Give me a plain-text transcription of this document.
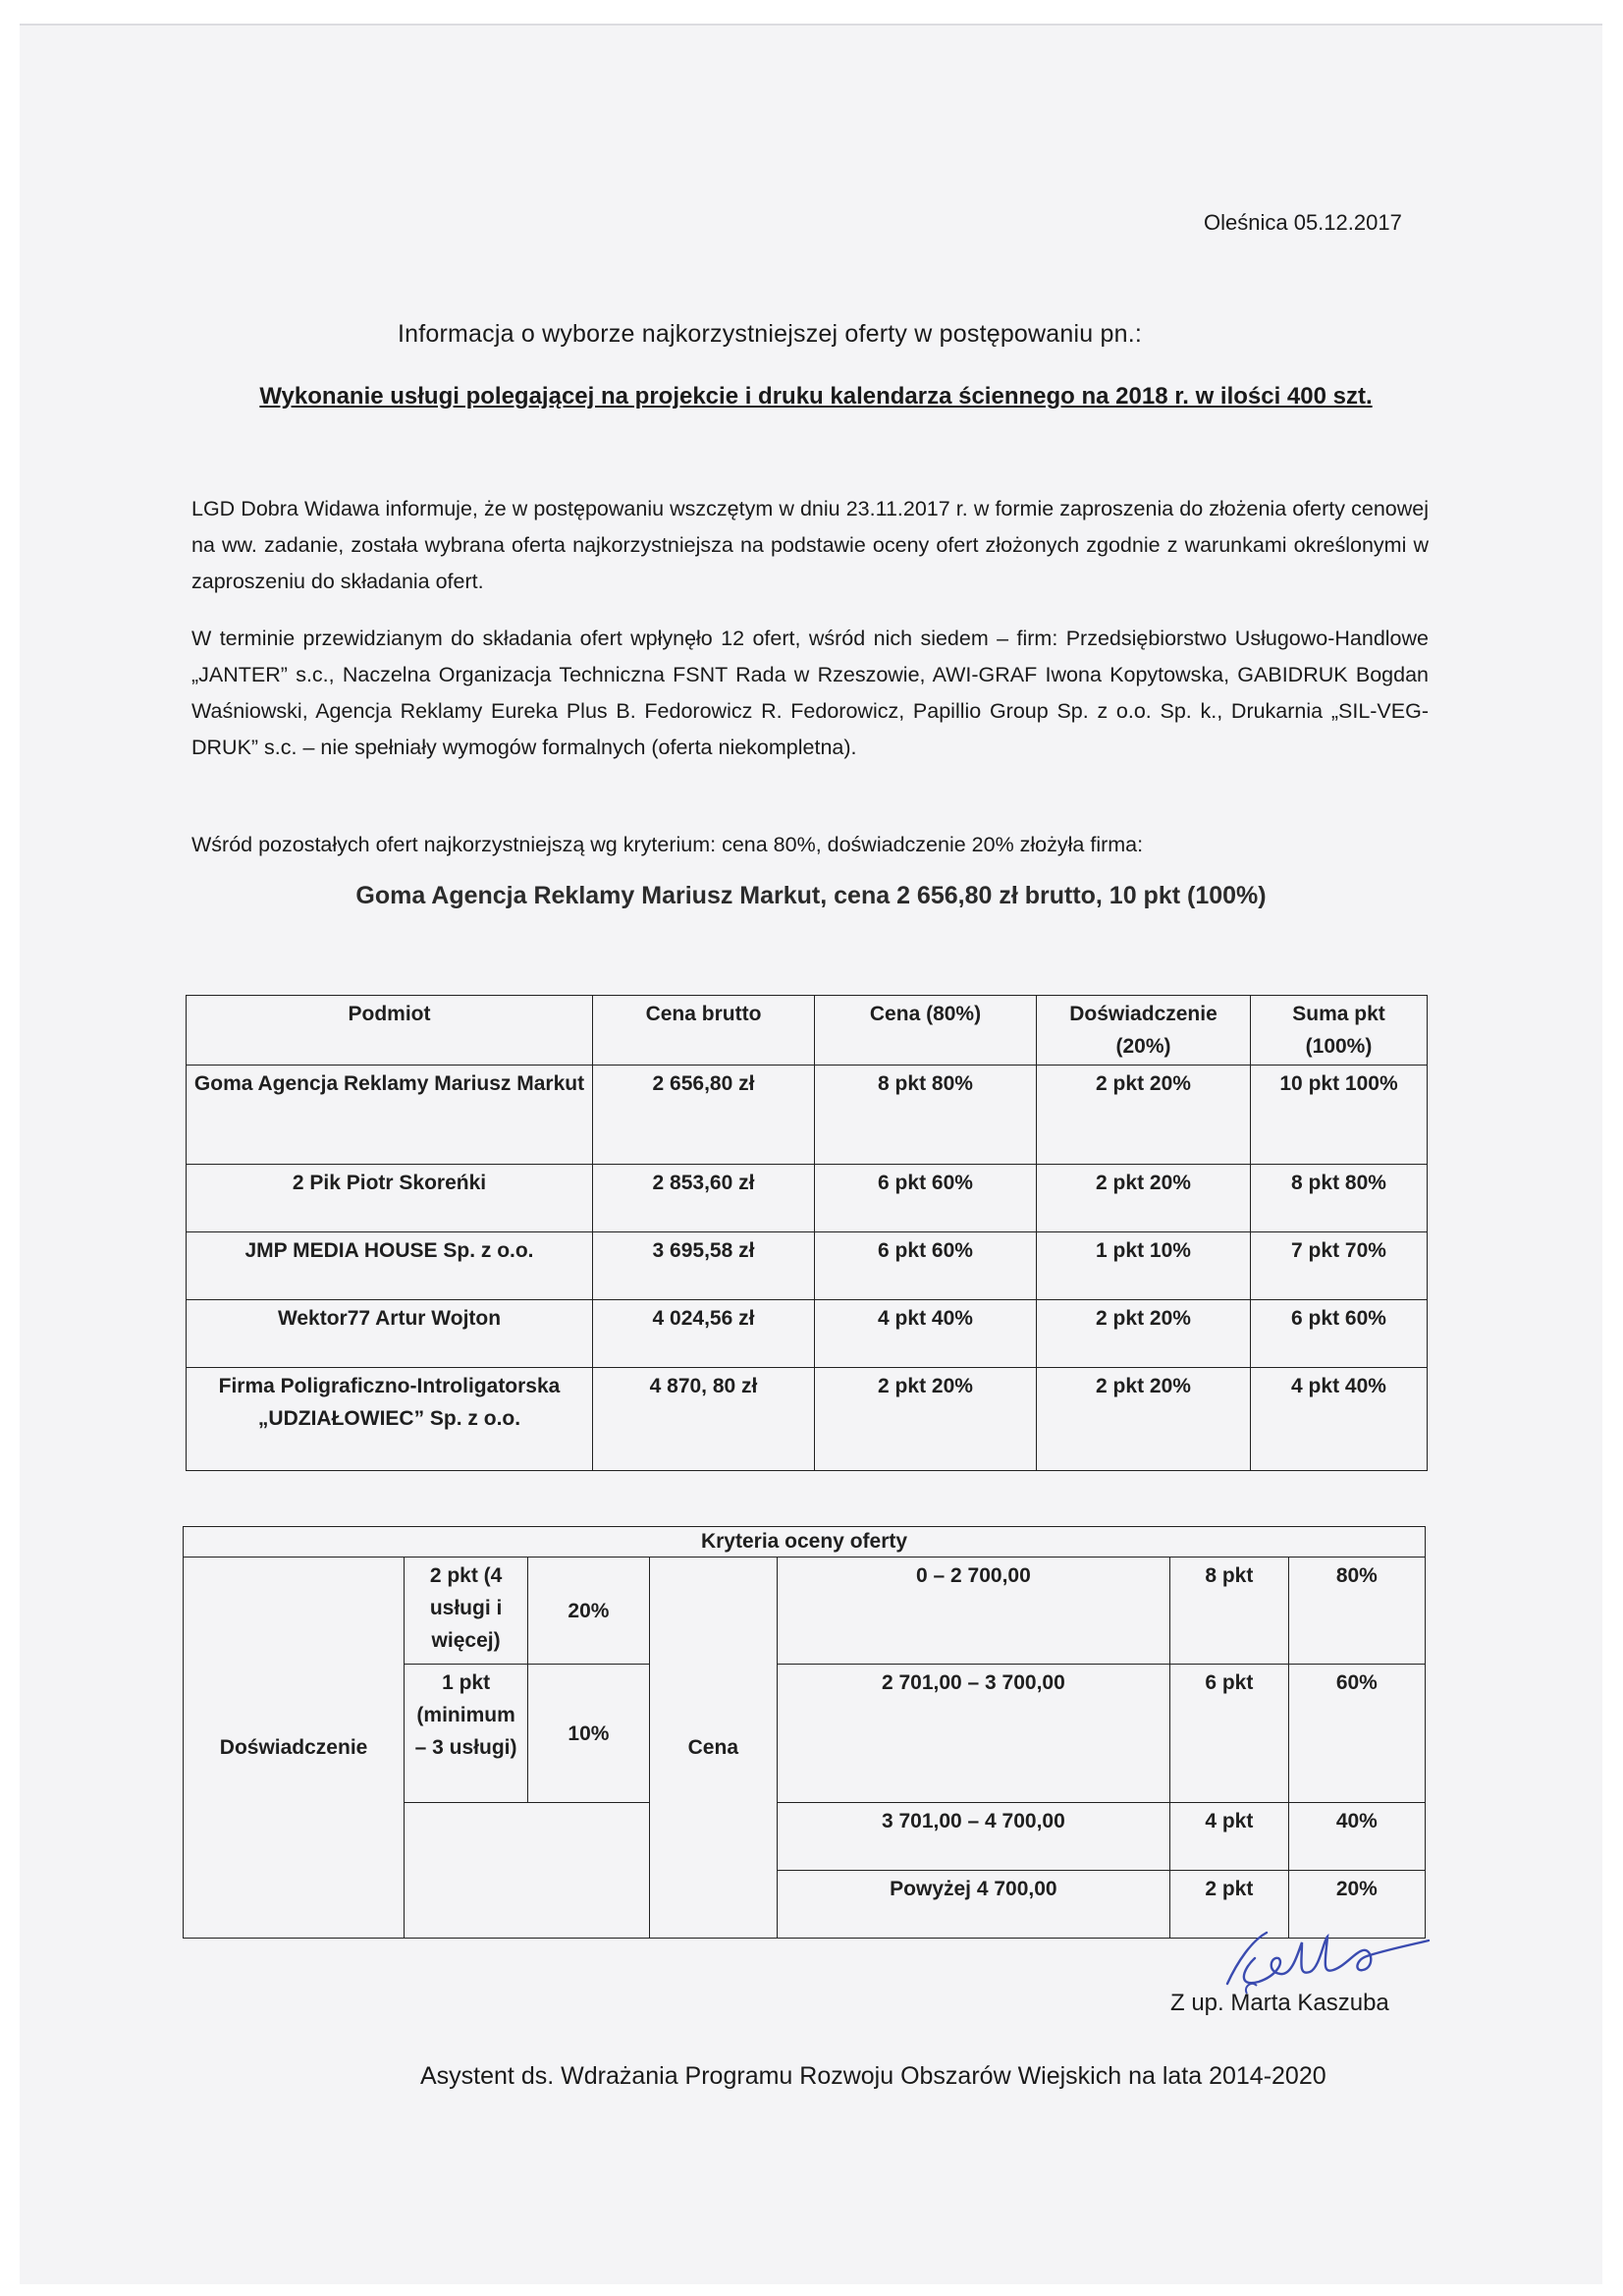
Oleśnica 05.12.2017
Informacja o wyborze najkorzystniejszej oferty w postępowaniu pn.:
Wykonanie usługi polegającej na projekcie i druku kalendarza ściennego na 2018 r. w ilości 400 szt.
LGD Dobra Widawa informuje, że w postępowaniu wszczętym w dniu 23.11.2017 r. w formie zaproszenia do złożenia oferty cenowej na ww. zadanie, została wybrana oferta najkorzystniejsza na podstawie oceny ofert złożonych zgodnie z warunkami określonymi w zaproszeniu do składania ofert.
W terminie przewidzianym do składania ofert wpłynęło 12 ofert, wśród nich siedem – firm: Przedsiębiorstwo Usługowo-Handlowe „JANTER” s.c., Naczelna Organizacja Techniczna FSNT Rada w Rzeszowie, AWI-GRAF Iwona Kopytowska, GABIDRUK Bogdan Waśniowski, Agencja Reklamy Eureka Plus B. Fedorowicz R. Fedorowicz, Papillio Group Sp. z o.o. Sp. k., Drukarnia „SIL-VEG-DRUK” s.c. – nie spełniały wymogów formalnych (oferta niekompletna).
Wśród pozostałych ofert najkorzystniejszą wg kryterium: cena 80%, doświadczenie 20% złożyła firma:
Goma Agencja Reklamy Mariusz Markut, cena 2 656,80 zł brutto, 10 pkt (100%)
Podmiot	Cena brutto	Cena (80%)	Doświadczenie (20%)	Suma pkt (100%)
Goma Agencja Reklamy Mariusz Markut	2 656,80 zł	8 pkt 80%	2 pkt 20%	10 pkt 100%
2 Pik Piotr Skoreńki	2 853,60 zł	6 pkt 60%	2 pkt 20%	8 pkt 80%
JMP MEDIA HOUSE Sp. z o.o.	3 695,58 zł	6 pkt 60%	1 pkt 10%	7 pkt 70%
Wektor77 Artur Wojton	4 024,56 zł	4 pkt 40%	2 pkt 20%	6 pkt 60%
Firma Poligraficzno-Introligatorska „UDZIAŁOWIEC” Sp. z o.o.	4 870, 80 zł	2 pkt 20%	2 pkt 20%	4 pkt 40%
Kryteria oceny oferty						
Doświadczenie	2 pkt (4 usługi i więcej)	20%	Cena	0 – 2 700,00	8 pkt	80%
	1 pkt (minimum – 3 usługi)	10%		2 701,00 – 3 700,00	6 pkt	60%

				3 701,00 – 4 700,00	4 pkt	40%
				Powyżej 4 700,00	2 pkt	20%
Z up. Marta Kaszuba
Asystent ds. Wdrażania Programu Rozwoju Obszarów Wiejskich na lata 2014-2020
